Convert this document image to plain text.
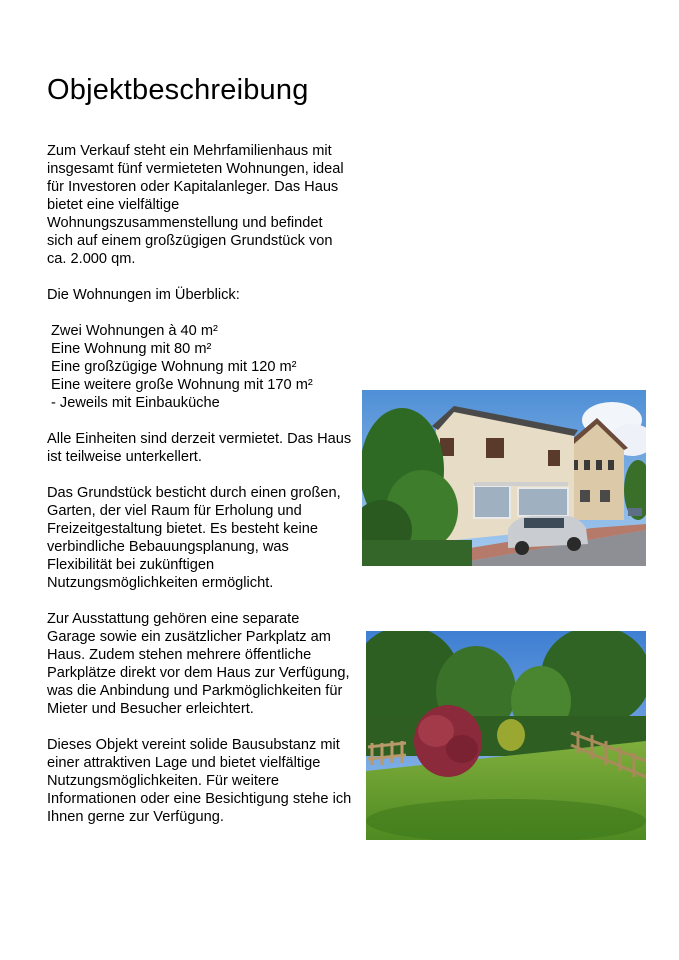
Objektbeschreibung

Zum Verkauf steht ein Mehrfamilienhaus mit insgesamt fünf vermieteten Wohnungen, ideal für Investoren oder Kapitalanleger. Das Haus bietet eine vielfältige Wohnungszusammenstellung und befindet sich auf einem großzügigen Grundstück von ca. 2.000 qm.

Die Wohnungen im Überblick:

Zwei Wohnungen à 40 m²
Eine Wohnung mit 80 m²
Eine großzügige Wohnung mit 120 m²
Eine weitere große Wohnung mit 170 m²
- Jeweils mit Einbauküche

Alle Einheiten sind derzeit vermietet. Das Haus ist teilweise unterkellert.

Das Grundstück besticht durch einen großen, Garten, der viel Raum für Erholung und Freizeitgestaltung bietet. Es besteht keine verbindliche Bebauungsplanung, was Flexibilität bei zukünftigen Nutzungsmöglichkeiten ermöglicht.

Zur Ausstattung gehören eine separate Garage sowie ein zusätzlicher Parkplatz am Haus. Zudem stehen mehrere öffentliche Parkplätze direkt vor dem Haus zur Verfügung, was die Anbindung und Parkmöglichkeiten für Mieter und Besucher erleichtert.

Dieses Objekt vereint solide Bausubstanz mit einer attraktiven Lage und bietet vielfältige Nutzungsmöglichkeiten. Für weitere Informationen oder eine Besichtigung stehe ich Ihnen gerne zur Verfügung.
